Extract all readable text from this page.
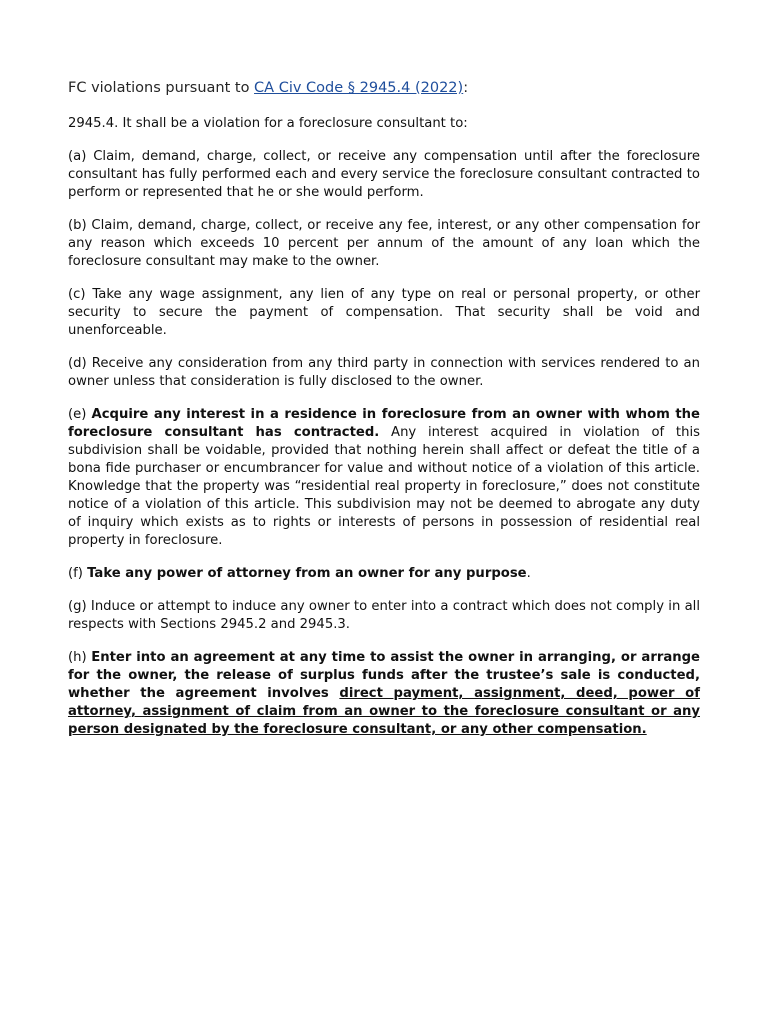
FC violations pursuant to CA Civ Code § 2945.4 (2022):

2945.4. It shall be a violation for a foreclosure consultant to:

(a) Claim, demand, charge, collect, or receive any compensation until after the foreclosure consultant has fully performed each and every service the foreclosure consultant contracted to perform or represented that he or she would perform.

(b) Claim, demand, charge, collect, or receive any fee, interest, or any other compensation for any reason which exceeds 10 percent per annum of the amount of any loan which the foreclosure consultant may make to the owner.

(c) Take any wage assignment, any lien of any type on real or personal property, or other security to secure the payment of compensation. That security shall be void and unenforceable.

(d) Receive any consideration from any third party in connection with services rendered to an owner unless that consideration is fully disclosed to the owner.

(e) Acquire any interest in a residence in foreclosure from an owner with whom the foreclosure consultant has contracted. Any interest acquired in violation of this subdivision shall be voidable, provided that nothing herein shall affect or defeat the title of a bona fide purchaser or encumbrancer for value and without notice of a violation of this article. Knowledge that the property was “residential real property in foreclosure,” does not constitute notice of a violation of this article. This subdivision may not be deemed to abrogate any duty of inquiry which exists as to rights or interests of persons in possession of residential real property in foreclosure.

(f) Take any power of attorney from an owner for any purpose.

(g) Induce or attempt to induce any owner to enter into a contract which does not comply in all respects with Sections 2945.2 and 2945.3.

(h) Enter into an agreement at any time to assist the owner in arranging, or arrange for the owner, the release of surplus funds after the trustee’s sale is conducted, whether the agreement involves direct payment, assignment, deed, power of attorney, assignment of claim from an owner to the foreclosure consultant or any person designated by the foreclosure consultant, or any other compensation.
